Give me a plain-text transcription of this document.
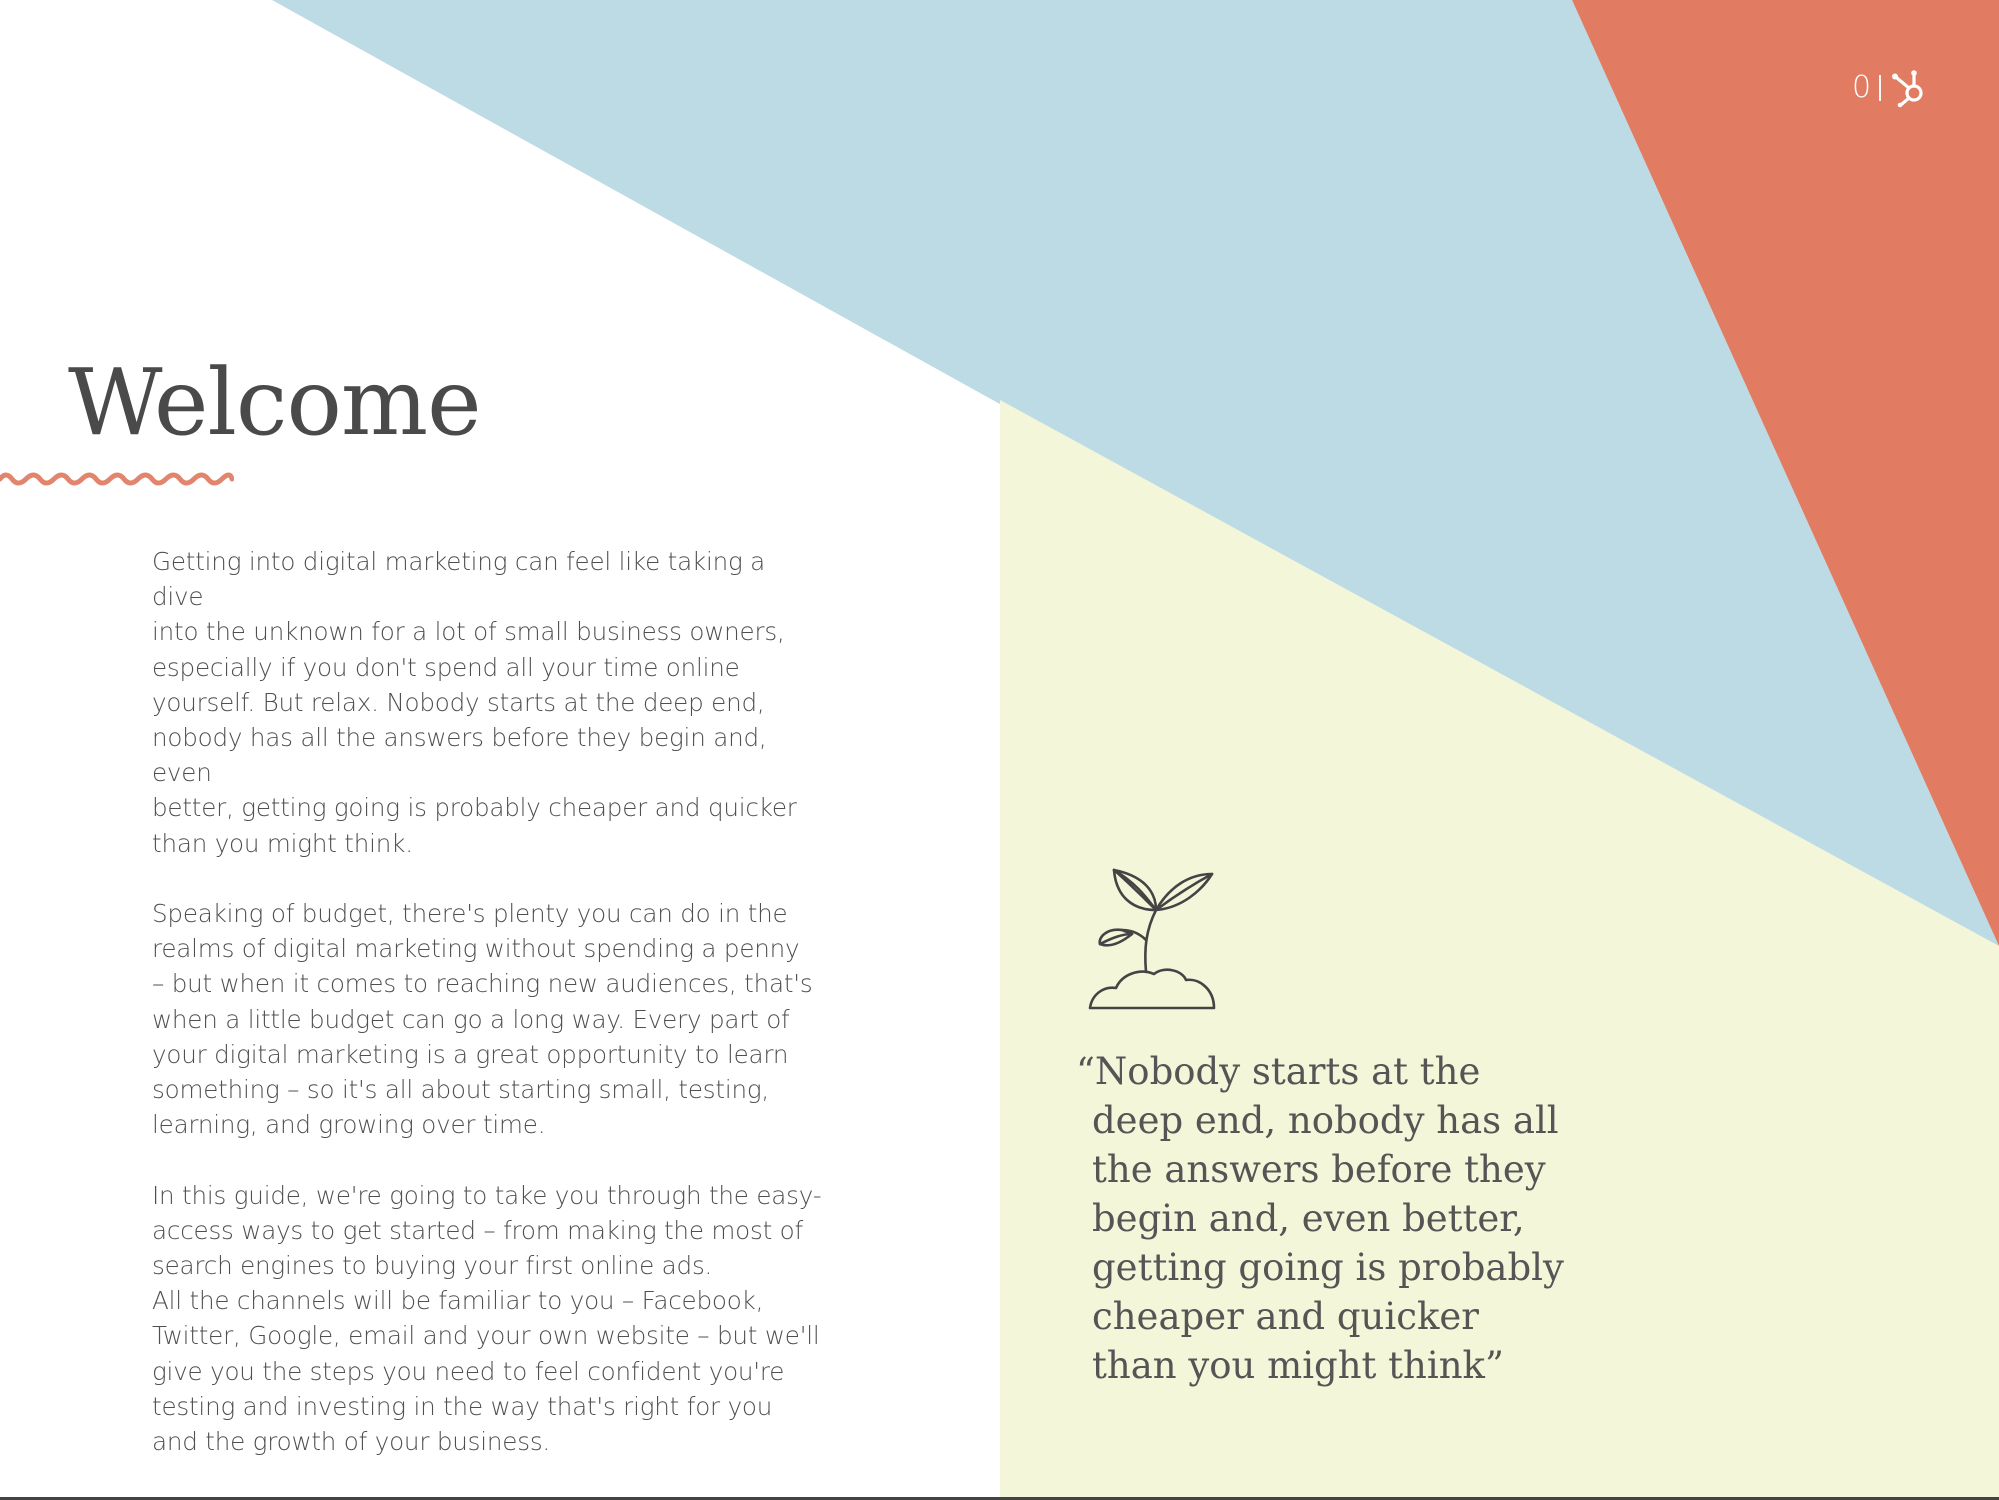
0
Welcome

Getting into digital marketing can feel like taking a dive
into the unknown for a lot of small business owners,
especially if you don't spend all your time online
yourself. But relax. Nobody starts at the deep end,
nobody has all the answers before they begin and, even
better, getting going is probably cheaper and quicker
than you might think.

Speaking of budget, there's plenty you can do in the
realms of digital marketing without spending a penny
– but when it comes to reaching new audiences, that's
when a little budget can go a long way. Every part of
your digital marketing is a great opportunity to learn
something – so it's all about starting small, testing,
learning, and growing over time.

In this guide, we're going to take you through the easy-
access ways to get started – from making the most of
search engines to buying your first online ads.
All the channels will be familiar to you – Facebook,
Twitter, Google, email and your own website – but we'll
give you the steps you need to feel confident you're
testing and investing in the way that's right for you
and the growth of your business.

“Nobody starts at the
deep end, nobody has all
the answers before they
begin and, even better,
getting going is probably
cheaper and quicker
than you might think”
